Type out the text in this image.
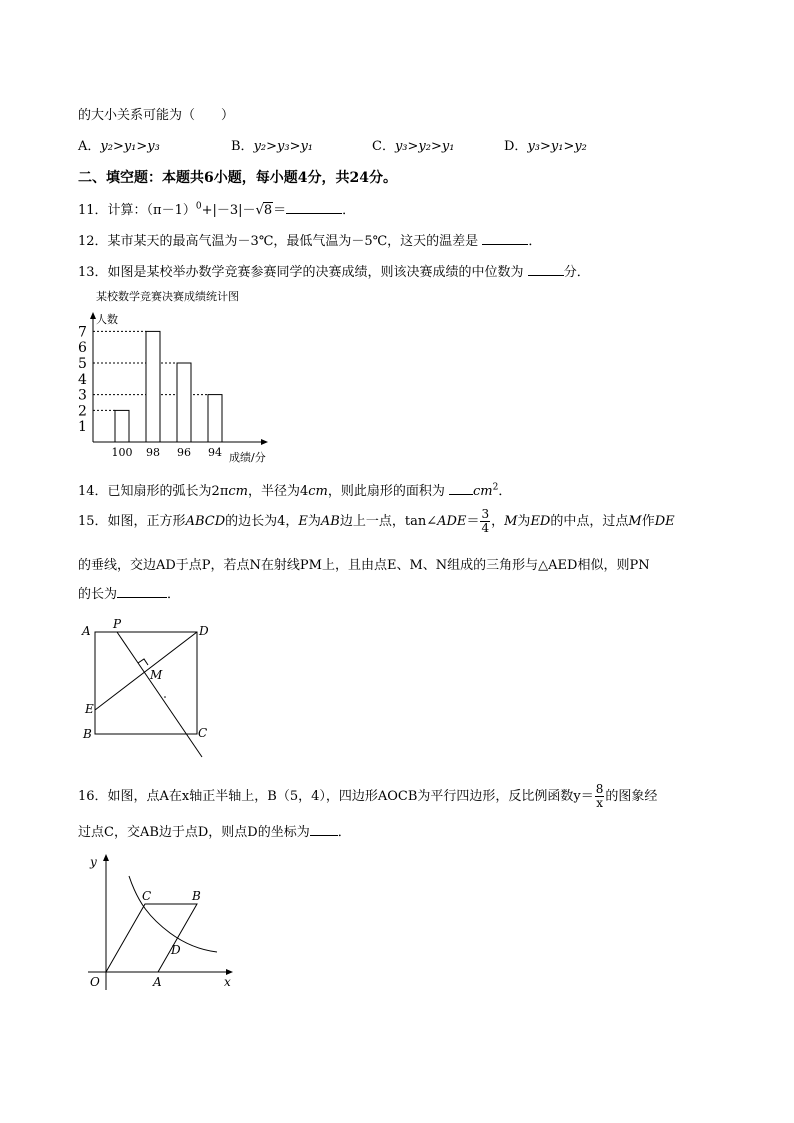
的大小关系可能为（　　）
A．y₂>y₁>y₃	B．y₂>y₃>y₁	C．y₃>y₂>y₁	D．y₃>y₁>y₂
二、填空题：本题共6小题，每小题4分，共24分。
11．计算：$(\pi-1)^0+|-3|-√8=$	．
12．某市某天的最高气温为－3℃，最低气温为－5℃，这天的温差是	．
13．如图是某校举办数学竞赛参赛同学的决赛成绩，则该决赛成绩的中位数为	分．
某校数学竞赛决赛成绩统计图
人数
成绩/分
1
2
3
4
5
6
7
100 98 96 94
14．已知扇形的弧长为2πcm，半径为4cm，则此扇形的面积为 $cm^2$．
15．如图，正方形ABCD的边长为4，E为AB边上一点，tan∠ADE＝ $\frac{3}{4}$ ，M为ED的中点，过点M作DE
的垂线，交边AD于点P，若点N在射线PM上，且由点E、M、N组成的三角形与△AED相似，则PN
的长为	．
A P	D
M
E
B	C
16．如图，点A在x轴正半轴上，B（5，4），四边形AOCB为平行四边形，反比例函数$y= \frac{8}{x}$ 的图象经
过点C，交AB边于点D，则点D的坐标为 ．
y
x
O	A
B
C
D
